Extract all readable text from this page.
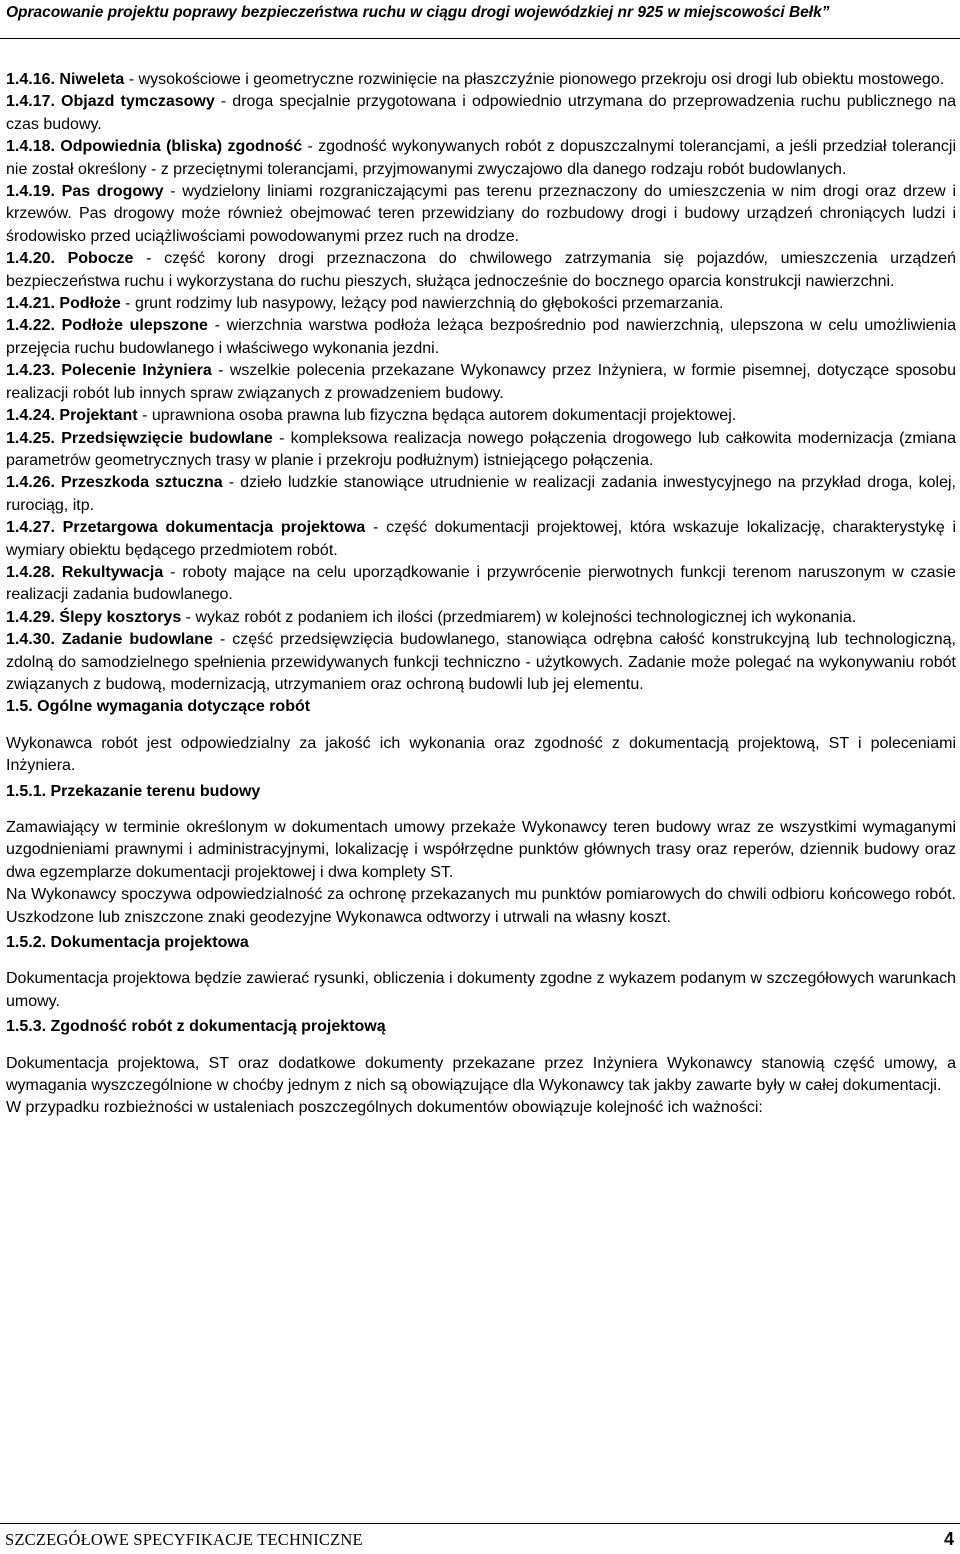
Opracowanie projektu poprawy bezpieczeństwa ruchu w ciągu drogi wojewódzkiej nr 925 w miejscowości Bełk”

1.4.16. Niweleta - wysokościowe i geometryczne rozwinięcie na płaszczyźnie pionowego przekroju osi drogi lub obiektu mostowego.

1.4.17. Objazd tymczasowy - droga specjalnie przygotowana i odpowiednio utrzymana do przeprowadzenia ruchu publicznego na czas budowy.

1.4.18. Odpowiednia (bliska) zgodność - zgodność wykonywanych robót z dopuszczalnymi tolerancjami, a jeśli przedział tolerancji nie został określony - z przeciętnymi tolerancjami, przyjmowanymi zwyczajowo dla danego rodzaju robót budowlanych.

1.4.19. Pas drogowy - wydzielony liniami rozgraniczającymi pas terenu przeznaczony do umieszczenia w nim drogi oraz drzew i krzewów. Pas drogowy może również obejmować teren przewidziany do rozbudowy drogi i budowy urządzeń chroniących ludzi i środowisko przed uciążliwościami powodowanymi przez ruch na drodze.

1.4.20. Pobocze - część korony drogi przeznaczona do chwilowego zatrzymania się pojazdów, umieszczenia urządzeń bezpieczeństwa ruchu i wykorzystana do ruchu pieszych, służąca jednocześnie do bocznego oparcia konstrukcji nawierzchni.

1.4.21. Podłoże - grunt rodzimy lub nasypowy, leżący pod nawierzchnią do głębokości przemarzania.

1.4.22. Podłoże ulepszone - wierzchnia warstwa podłoża leżąca bezpośrednio pod nawierzchnią, ulepszona w celu umożliwienia przejęcia ruchu budowlanego i właściwego wykonania jezdni.

1.4.23. Polecenie Inżyniera - wszelkie polecenia przekazane Wykonawcy przez Inżyniera, w formie pisemnej, dotyczące sposobu realizacji robót lub innych spraw związanych z prowadzeniem budowy.

1.4.24. Projektant - uprawniona osoba prawna lub fizyczna będąca autorem dokumentacji projektowej.

1.4.25. Przedsięwzięcie budowlane - kompleksowa realizacja nowego połączenia drogowego lub całkowita modernizacja (zmiana parametrów geometrycznych trasy w planie i przekroju podłużnym) istniejącego połączenia.

1.4.26. Przeszkoda sztuczna - dzieło ludzkie stanowiące utrudnienie w realizacji zadania inwestycyjnego na przykład droga, kolej, rurociąg, itp.

1.4.27. Przetargowa dokumentacja projektowa - część dokumentacji projektowej, która wskazuje lokalizację, charakterystykę i wymiary obiektu będącego przedmiotem robót.

1.4.28. Rekultywacja - roboty mające na celu uporządkowanie i przywrócenie pierwotnych funkcji terenom naruszonym w czasie realizacji zadania budowlanego.

1.4.29. Ślepy kosztorys - wykaz robót z podaniem ich ilości (przedmiarem) w kolejności technologicznej ich wykonania.

1.4.30. Zadanie budowlane - część przedsięwzięcia budowlanego, stanowiąca odrębna całość konstrukcyjną lub technologiczną, zdolną do samodzielnego spełnienia przewidywanych funkcji techniczno - użytkowych. Zadanie może polegać na wykonywaniu robót związanych z budową, modernizacją, utrzymaniem oraz ochroną budowli lub jej elementu.

1.5. Ogólne wymagania dotyczące robót

Wykonawca robót jest odpowiedzialny za jakość ich wykonania oraz zgodność z dokumentacją projektową, ST i poleceniami Inżyniera.

1.5.1. Przekazanie terenu budowy

Zamawiający w terminie określonym w dokumentach umowy przekaże Wykonawcy teren budowy wraz ze wszystkimi wymaganymi uzgodnieniami prawnymi i administracyjnymi, lokalizację i współrzędne punktów głównych trasy oraz reperów, dziennik budowy oraz dwa egzemplarze dokumentacji projektowej i dwa komplety ST.

Na Wykonawcy spoczywa odpowiedzialność za ochronę przekazanych mu punktów pomiarowych do chwili odbioru końcowego robót. Uszkodzone lub zniszczone znaki geodezyjne Wykonawca odtworzy i utrwali na własny koszt.

1.5.2. Dokumentacja projektowa

Dokumentacja projektowa będzie zawierać rysunki, obliczenia i dokumenty zgodne z wykazem podanym w szczegółowych warunkach umowy.

1.5.3. Zgodność robót z dokumentacją projektową

Dokumentacja projektowa, ST oraz dodatkowe dokumenty przekazane przez Inżyniera Wykonawcy stanowią część umowy, a wymagania wyszczególnione w choćby jednym z nich są obowiązujące dla Wykonawcy tak jakby zawarte były w całej dokumentacji.

W przypadku rozbieżności w ustaleniach poszczególnych dokumentów obowiązuje kolejność ich ważności:

SZCZEGÓŁOWE SPECYFIKACJE TECHNICZNE	4
